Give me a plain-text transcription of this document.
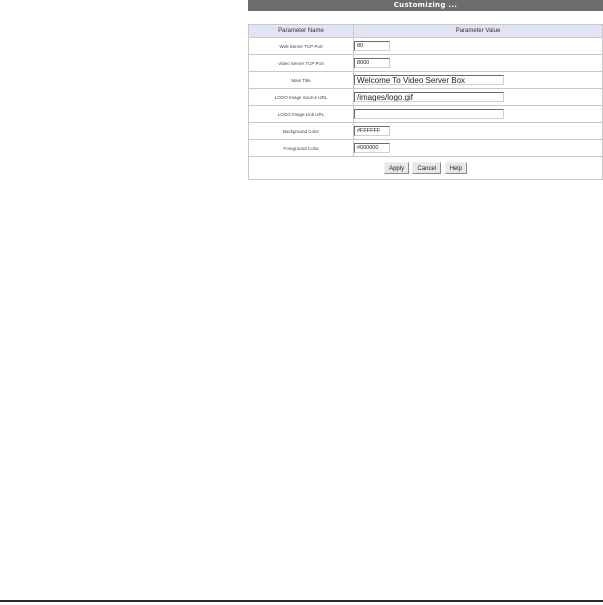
Customizing ...
Parameter Name	Parameter Value
Web Server TCP Port	80

Video Server TCP Port	8000

Main Title	Welcome To Video Server Box

LOGO Image Source URL	/images/logo.gif

LOGO Image Link URL	

Background Color	#FFFFFF

Foreground Color	#000000

Apply Cancel Help	
